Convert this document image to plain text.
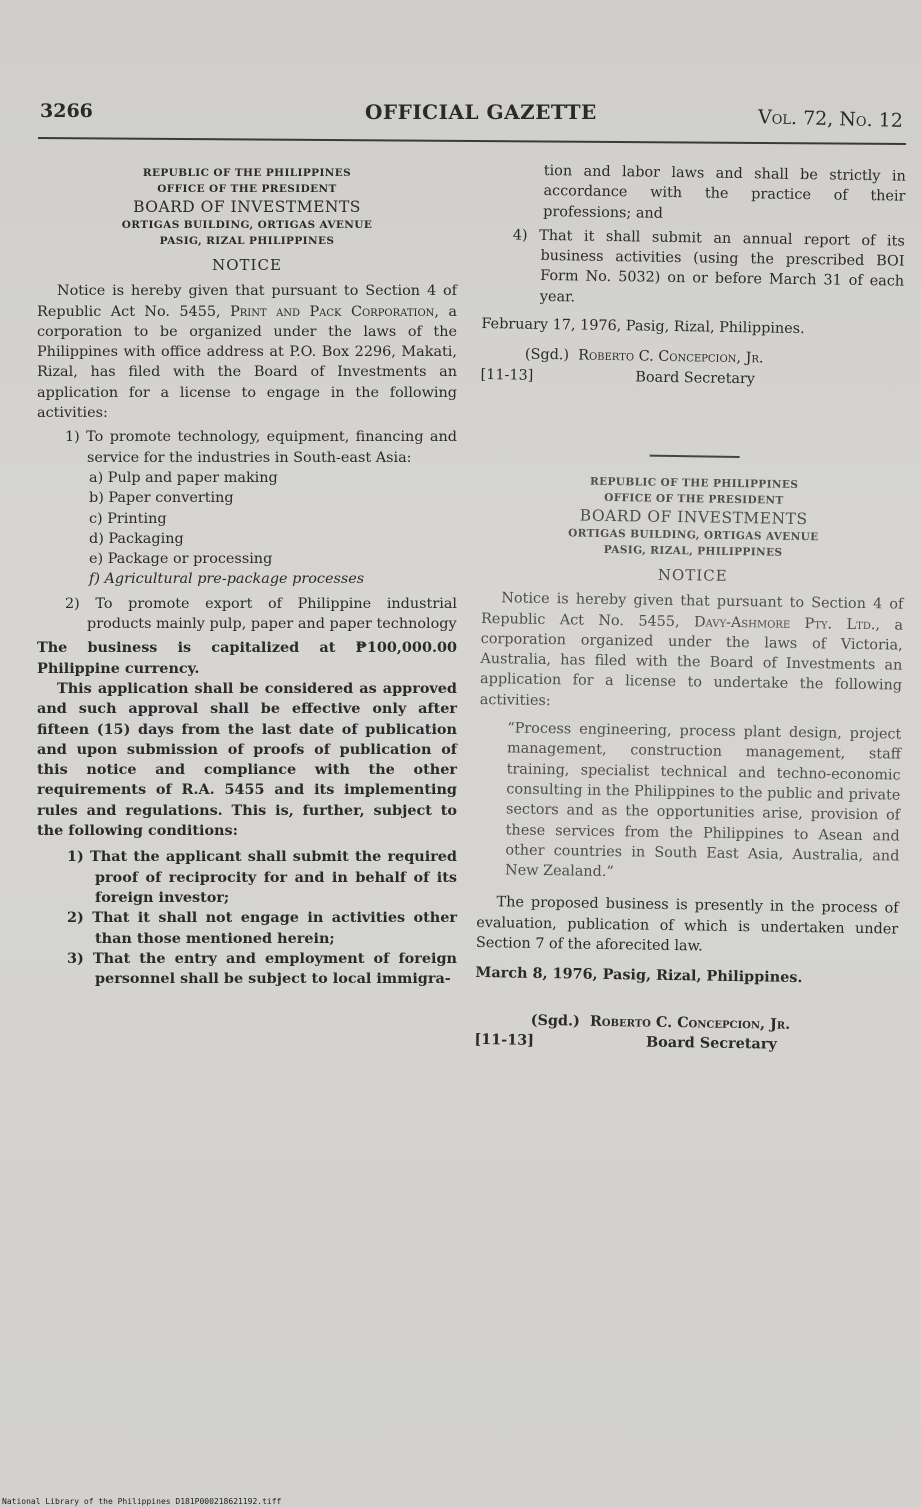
3266	OFFICIAL GAZETTE	Vol. 72, No. 12
REPUBLIC OF THE PHILIPPINES
OFFICE OF THE PRESIDENT
BOARD OF INVESTMENTS
ORTIGAS BUILDING, ORTIGAS AVENUE
PASIG, RIZAL PHILIPPINES
NOTICE

Notice is hereby given that pursuant to Section 4 of Republic Act No. 5455, Print and Pack Corporation, a corporation to be organized under the laws of the Philippines with office address at P.O. Box 2296, Makati, Rizal, has filed with the Board of Investments an application for a license to engage in the following activities:

1) To promote technology, equipment, financing and service for the industries in South-east Asia:

a) Pulp and paper making

b) Paper converting

c) Printing

d) Packaging

e) Package or processing

f) Agricultural pre-package processes

2) To promote export of Philippine industrial products mainly pulp, paper and paper technology

The business is capitalized at ₱100,000.00 Philippine currency.

This application shall be considered as approved and such approval shall be effective only after fifteen (15) days from the last date of publication and upon submission of proofs of publication of this notice and compliance with the other requirements of R.A. 5455 and its implementing rules and regulations. This is, further, subject to the following conditions:

1) That the applicant shall submit the required proof of reciprocity for and in behalf of its foreign investor;

2) That it shall not engage in activities other than those mentioned herein;

3) That the entry and employment of foreign personnel shall be subject to local immigra-

tion and labor laws and shall be strictly in accordance with the practice of their professions; and

4) That it shall submit an annual report of its business activities (using the prescribed BOI Form No. 5032) on or before March 31 of each year.

February 17, 1976, Pasig, Rizal, Philippines.

(Sgd.) Roberto C. Concepcion, Jr.
[11-13]	Board Secretary
REPUBLIC OF THE PHILIPPINES
OFFICE OF THE PRESIDENT
BOARD OF INVESTMENTS
ORTIGAS BUILDING, ORTIGAS AVENUE
PASIG, RIZAL, PHILIPPINES
NOTICE

Notice is hereby given that pursuant to Section 4 of Republic Act No. 5455, Davy-Ashmore Pty. Ltd., a corporation organized under the laws of Victoria, Australia, has filed with the Board of Investments an application for a license to undertake the following activities:

“Process engineering, process plant design, project management, construction management, staff training, specialist technical and techno-economic consulting in the Philippines to the public and private sectors and as the opportunities arise, provision of these services from the Philippines to Asean and other countries in South East Asia, Australia, and New Zealand.”

The proposed business is presently in the process of evaluation, publication of which is undertaken under Section 7 of the aforecited law.

March 8, 1976, Pasig, Rizal, Philippines.

(Sgd.) Roberto C. Concepcion, Jr.
[11-13]	Board Secretary
National Library of the Philippines D181P000218621192.tiff
